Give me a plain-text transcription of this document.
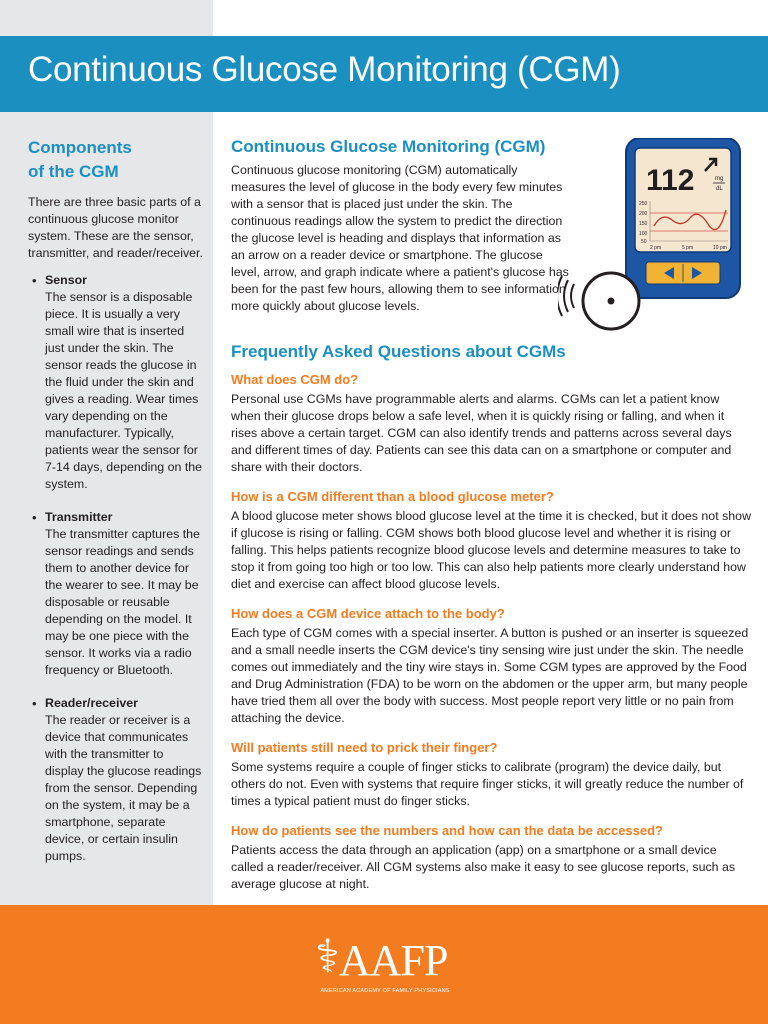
Continuous Glucose Monitoring (CGM)
Components
of the CGM

There are three basic parts of a continuous glucose monitor system. These are the sensor, transmitter, and reader/receiver.

• Sensor
The sensor is a disposable piece. It is usually a very small wire that is inserted just under the skin. The sensor reads the glucose in the fluid under the skin and gives a reading. Wear times vary depending on the manufacturer. Typically, patients wear the sensor for 7-14 days, depending on the system.
• Transmitter
The transmitter captures the sensor readings and sends them to another device for the wearer to see. It may be disposable or reusable depending on the model. It may be one piece with the sensor. It works via a radio frequency or Bluetooth.
• Reader/receiver
The reader or receiver is a device that communicates with the transmitter to display the glucose readings from the sensor. Depending on the system, it may be a smartphone, separate device, or certain insulin pumps.
Continuous Glucose Monitoring (CGM)

Continuous glucose monitoring (CGM) automatically measures the level of glucose in the body every few minutes with a sensor that is placed just under the skin. The continuous readings allow the system to predict the direction the glucose level is heading and displays that information as an arrow on a reader device or smartphone. The glucose level, arrow, and graph indicate where a patient's glucose has been for the past few hours, allowing them to see information more quickly about glucose levels.

Frequently Asked Questions about CGMs
What does CGM do?

Personal use CGMs have programmable alerts and alarms. CGMs can let a patient know when their glucose drops below a safe level, when it is quickly rising or falling, and when it rises above a certain target. CGM can also identify trends and patterns across several days and different times of day. Patients can see this data can on a smartphone or computer and share with their doctors.

How is a CGM different than a blood glucose meter?

A blood glucose meter shows blood glucose level at the time it is checked, but it does not show if glucose is rising or falling. CGM shows both blood glucose level and whether it is rising or falling. This helps patients recognize blood glucose levels and determine measures to take to stop it from going too high or too low. This can also help patients more clearly understand how diet and exercise can affect blood glucose levels.

How does a CGM device attach to the body?

Each type of CGM comes with a special inserter. A button is pushed or an inserter is squeezed and a small needle inserts the CGM device's tiny sensing wire just under the skin. The needle comes out immediately and the tiny wire stays in. Some CGM types are approved by the Food and Drug Administration (FDA) to be worn on the abdomen or the upper arm, but many people have tried them all over the body with success. Most people report very little or no pain from attaching the device.

Will patients still need to prick their finger?

Some systems require a couple of finger sticks to calibrate (program) the device daily, but others do not. Even with systems that require finger sticks, it will greatly reduce the number of times a typical patient must do finger sticks.

How do patients see the numbers and how can the data be accessed?

Patients access the data through an application (app) on a smartphone or a small device called a reader/receiver. All CGM systems also make it easy to see glucose reports, such as average glucose at night.

112	mg
dL
250
200
150
100
50
2 pm	5 pm	10 pm
⚕ AAFP
AMERICAN ACADEMY OF FAMILY PHYSICIANS
